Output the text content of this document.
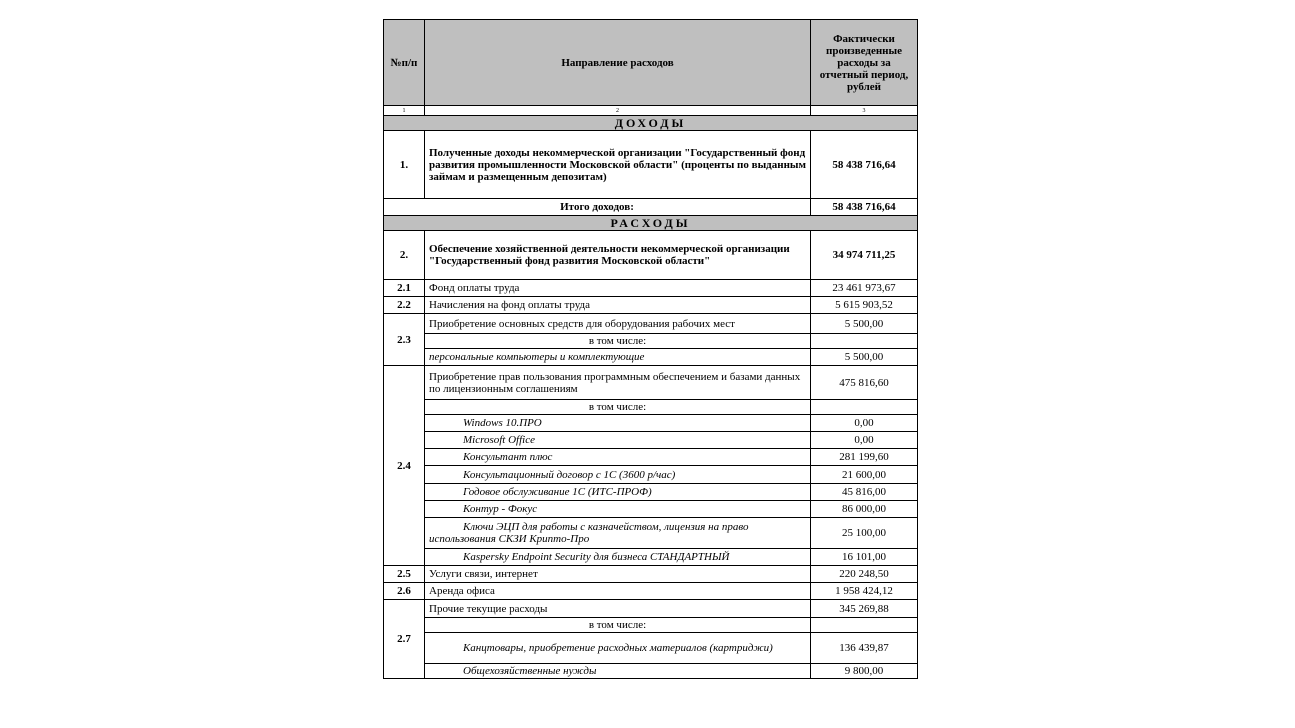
№п/п	Направление расходов	Фактически произведенные расходы за отчетный период, рублей
1	2	3
ДОХОДЫ		
1.	Полученные доходы некоммерческой организации "Государственный фонд развития промышленности Московской области" (проценты по выданным займам и размещенным депозитам)	58 438 716,64
Итого доходов:		58 438 716,64
РАСХОДЫ		
2.	Обеспечение хозяйственной деятельности некоммерческой организации "Государственный фонд развития Московской области"	34 974 711,25
2.1	Фонд оплаты труда	23 461 973,67
2.2	Начисления на фонд оплаты труда	5 615 903,52
2.3	Приобретение основных средств для оборудования рабочих мест	5 500,00
	в том числе:	
	персональные компьютеры и комплектующие	5 500,00
2.4	Приобретение прав пользования программным обеспечением и базами данных по лицензионным соглашениям	475 816,60
	в том числе:	
	Windows 10.ПРО	0,00
	Microsoft Office	0,00
	Консультант плюс	281 199,60
	Консультационный договор с 1С (3600 р/час)	21 600,00
	Годовое обслуживание 1С (ИТС-ПРОФ)	45 816,00
	Контур - Фокус	86 000,00
	Ключи ЭЦП для работы с казначейством, лицензия на право использования СКЗИ Крипто-Про	25 100,00
	Kaspersky Endpoint Security для бизнеса СТАНДАРТНЫЙ	16 101,00
2.5	Услуги связи, интернет	220 248,50
2.6	Аренда офиса	1 958 424,12
2.7	Прочие текущие расходы	345 269,88
	в том числе:	
	Канцтовары, приобретение расходных материалов (картриджи)	136 439,87
	Общехозяйственные нужды	9 800,00
